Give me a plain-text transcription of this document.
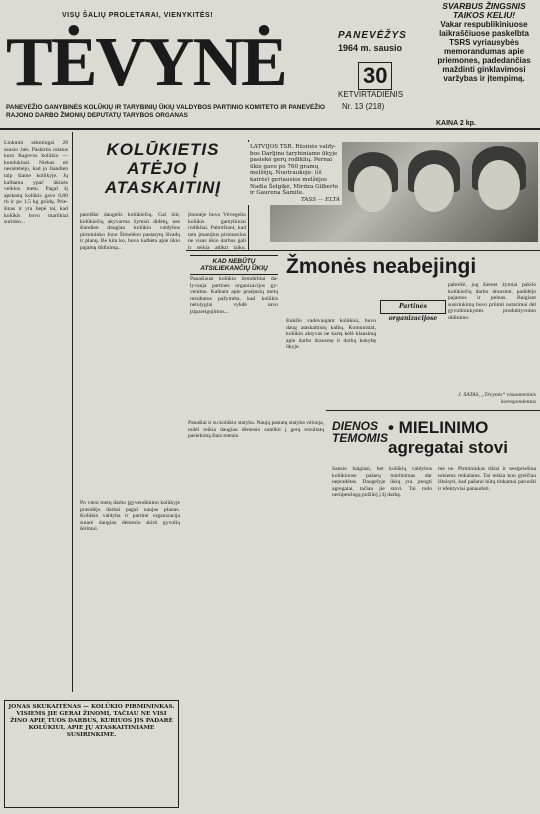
VISŲ ŠALIŲ PROLETARAI, VIENYKITĖS!
TĖVYNĖ
PANEVĖŽIO GANYBINĖS KOLŪKIŲ IR TARYBINIŲ ŪKIŲ VALDYBOS PARTINIO KOMITETO IR PANEVĖŽIO RAJONO DARBO ŽMONIŲ DEPUTATŲ TARYBOS ORGANAS
PANEVĖŽYS
1964 m. sausio
30
KETVIRTADIENIS
Nr. 13 (218)
SVARBUS ŽINGSNIS TAIKOS KELIU!
Vakar respublikiniuose laikraščiuose paskelbta TSRS vyriausybės memorandumas apie priemones, padedančias maždinti ginklavimosi varžybas ir įtempimą.
KAINA 2 kp.
Linkumi sėkmingai 28 sausio .bės. Paskirtis rolatus kuro Ragevos kolūkio — kundukinai. Niekas nė nesistebėjo, kad jo šiandien taip šiame kolūkyje. Jų kalbamu ypač ūkinės veiklos metu. Pagal šį apskaitą kolūkis gavo 0,80 rb ir po 1,5 kg grūdų. Priešinas ir yra liepė tai, kad kolūkis bovo marūkiai surinko...
KOLŪKIETIS ATĖJO Į ATASKAITINĮ
pareiškė daugelis kolūkiečių. Gal būt, kolūkiečių akyvarma žymiai didėtų, nes šiandien daugiau kolūkio valdybos pirmininko Jono Šimelėno pastatytų išvadų ir planų. Be kita ko, buvo kalbėta apie ūkio pajamų didinimą...
Įmonėje buvo Vėvegelio kolūkis gamybiniai rodikliai. Pabrėžiant, kad tam įmantįtus pirmuosius ne visas ūkio darbus gali ir reikia atlikti laiku.
LATVIJOS TSR. Rūsinės valdybos Darljino tarybiniame ūkyje pasiekė gerų rodiklių. Pernai ūkis gavo po 760 gramų melžėjų. Nuotraukoje: (iš kairės) geriausios melžėjos Nadia Šelgikė, Mirdza Gilberte ir Gaurena Šamite.
TASS — ELTA
KAD NEBŪTŲ ATSILIEKANČIŲ ŪKIŲ Žmonės neabejingi
Panašiausi kolūkio žemdirbiai dalyvauja partinės organizacijos gyvenime. Kalbant apie praėjusių metų rezultatus pažymėta, kad kolūkis netolygiai vykdė savo įsipareigojimus...
Partinės organizacijose
šiukšlo vadovaujant kolūkiui, buvo daug ataskaitinių kalbų. Komunistai, kolūkio aktyvas ne kartą kėlė klausimą apie darbo drausmę ir darbų kokybę ūkyje.
pabrėžė, jog šiemet žymiai pakilo kolūkiečių darbo drausmė, padidėjo pajamos ir pelnas. Baigiant susirinkimą buvo priimti nutarimai dėl gyvulininkystės produktyvumo didinimo.
J. ŠATAS, „Tėvynės“ visuomeninis korespondentas
DIENOS TEMOMIS
• MIELINIMO agregatai stovi
Sausio baigiasi, bet kolūkių valdybos kolūkiuose pašarų mielinimas dar nepradėtas. Daugelyje ūkių yra įrengti agregatai, tačiau jie stovi. Tai rodo nerūpestingą požiūrį į šį darbą.
mė ne. Pirmininkas tikisi ir nesipriešina tokiems reikalams. Tai reikia kuo greičiau ištaisyti, kad pašarai būtų tinkamai paruošti ir efektyviai panaudoti.
Po vieni metų darbo įgyvendinimo kolūkyje prasidėjo darbai pagal naujus planus. Kolūkio valdyba ir partinė organizacija sutarė daugiau dėmesio skirti gyvulių šėrimui.
Panašiai ir su kolūkio statyba. Naujų pastatų statyba vėluoja, todėl reikia daugiau dėmesio sutelkti į gerų rezultatų pasiekimą šiais metais.
JONAS SKUKAITĖNAS — KOLŪKIO PIRMININKAS. VISIEMS JIE GERAI ŽINOMI, TAČIAU NE VISI ŽINO APIE TUOS DARBUS, KURIUOS JIS PADARĖ KOLŪKIUI, APIE JŲ ATASKAITINIAME SUSIRINKIME.
